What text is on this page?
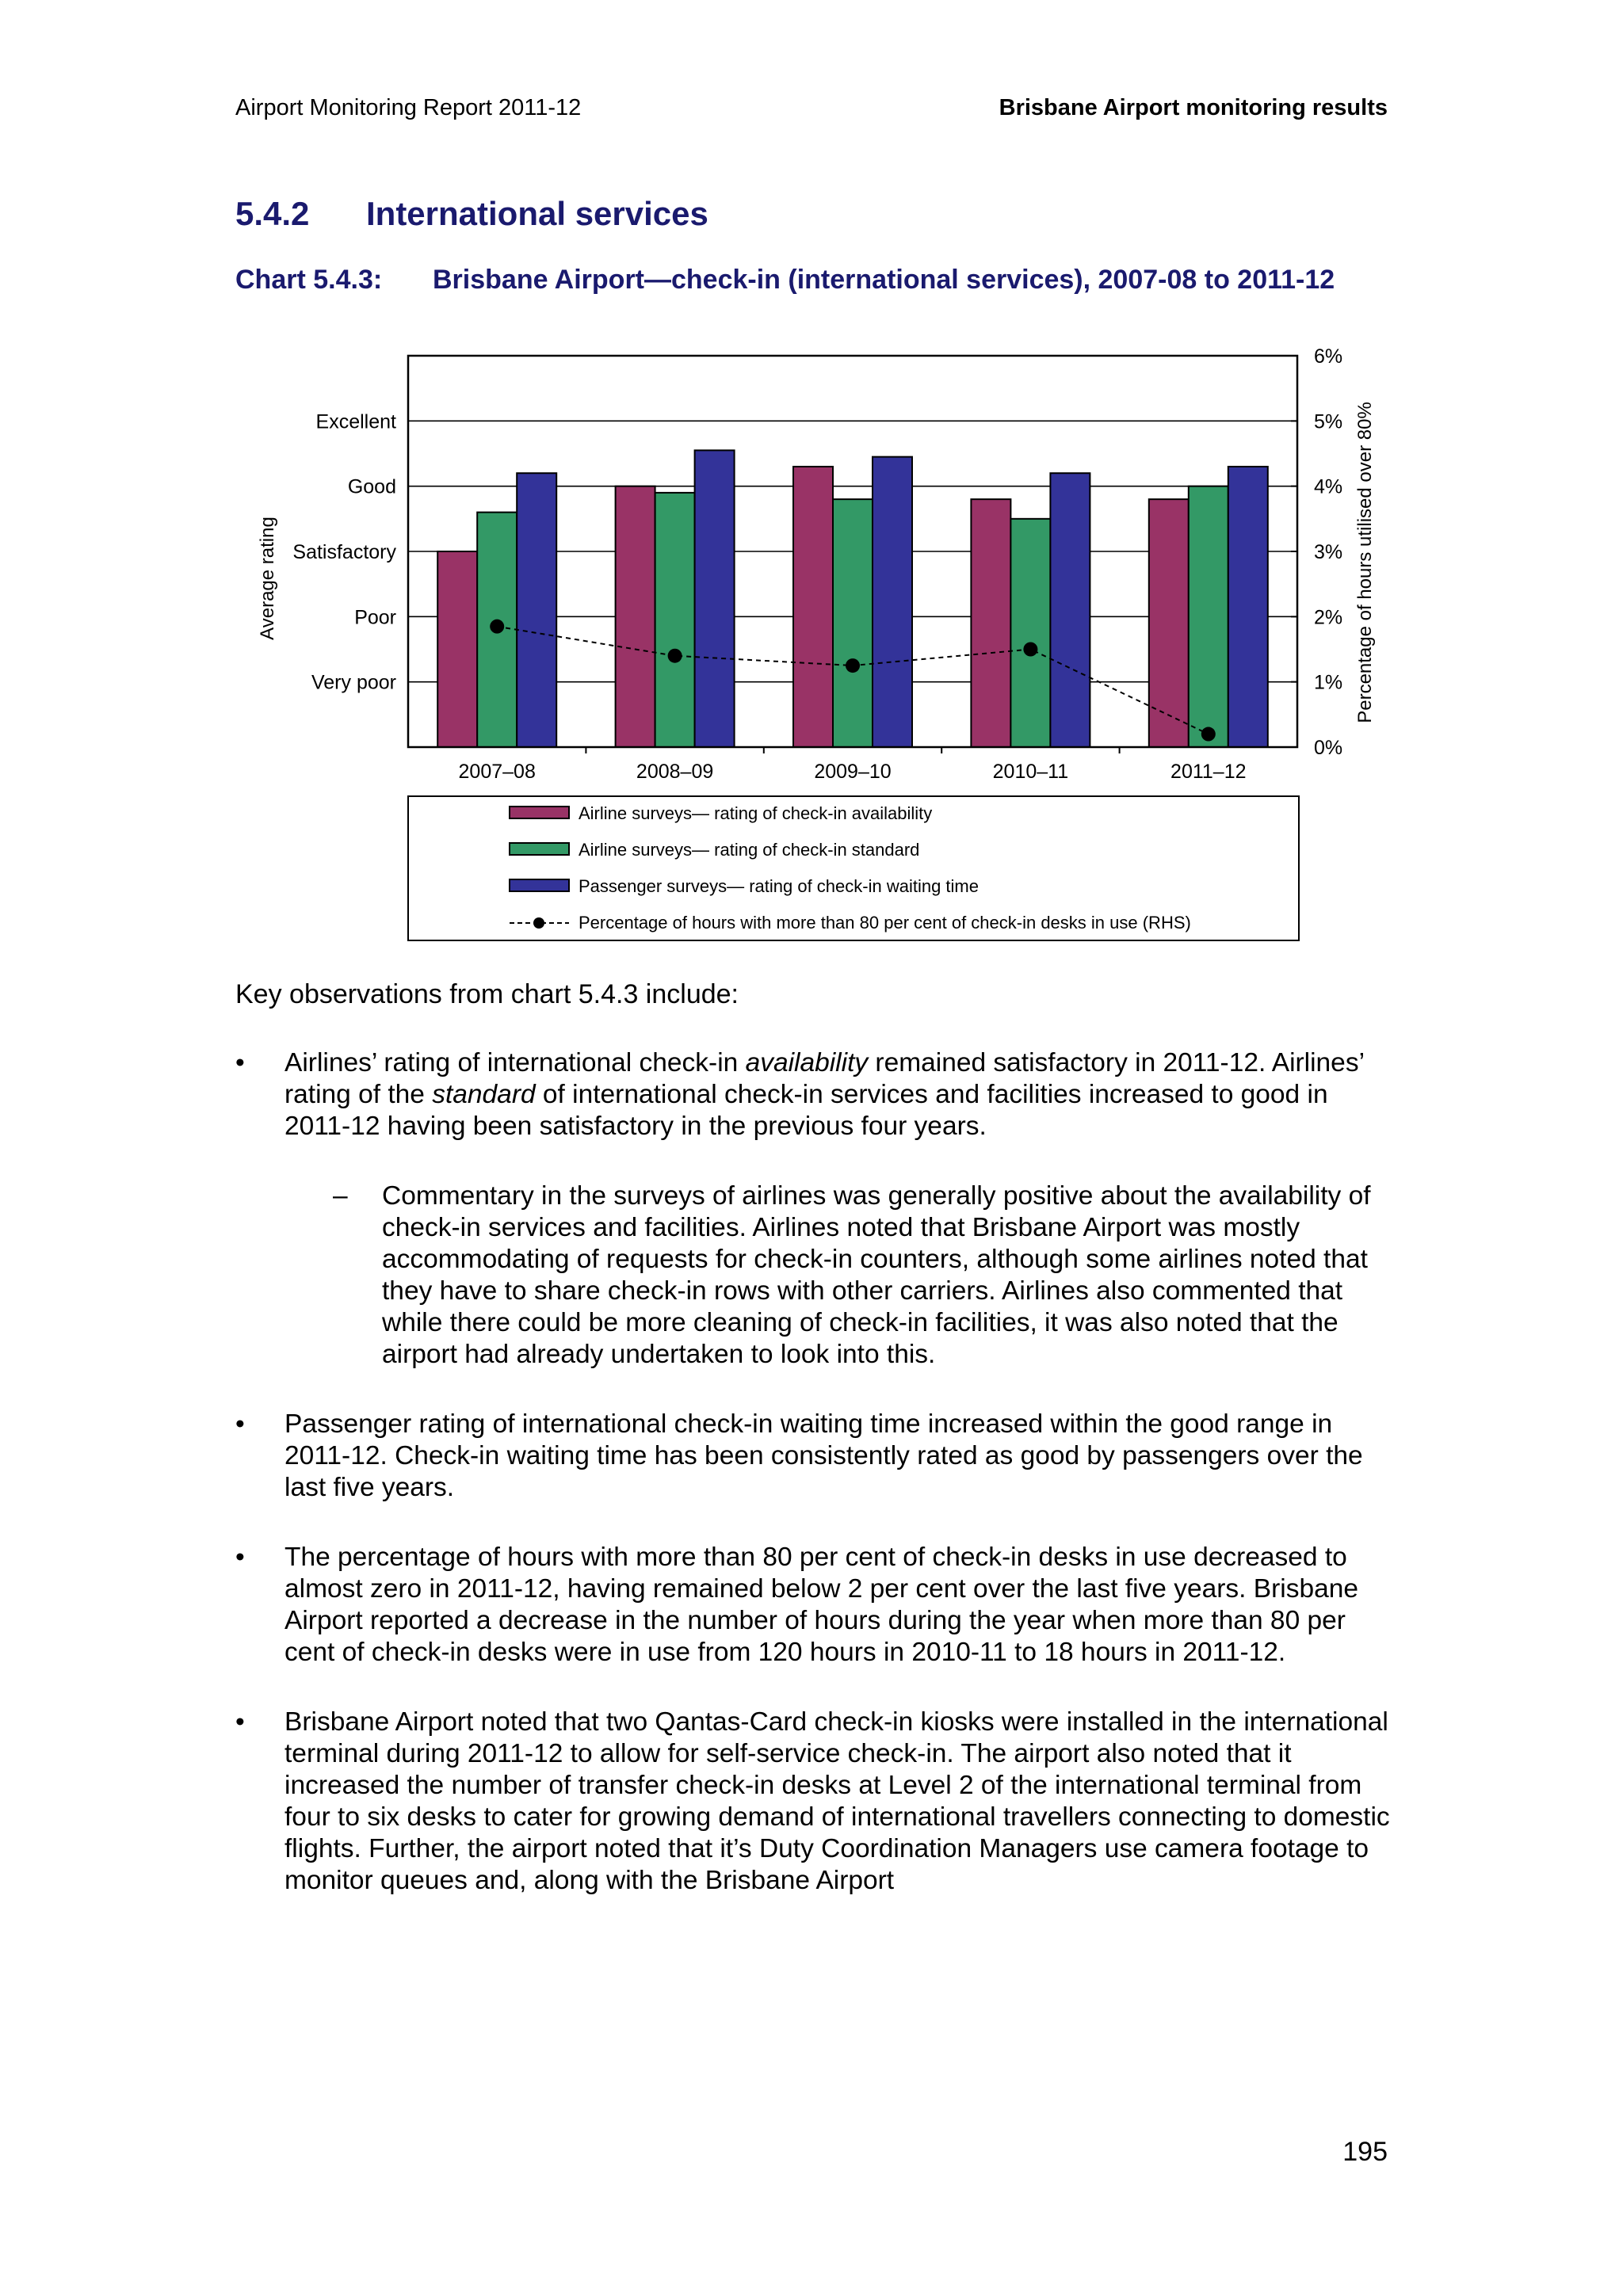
Airport Monitoring Report 2011-12	Brisbane Airport monitoring results
5.4.2 International services
Chart 5.4.3: Brisbane Airport—check-in (international services), 2007-08 to 2011-12
Very poor
Poor
Satisfactory
Good
Excellent
0%
1%
2%
3%
4%
5%
6%
2007–08	2008–09	2009–10	2010–11	2011–12
Average rating	Percentage of hours utilised over 80%
Airline surveys— rating of check-in availability
Airline surveys— rating of check-in standard
Passenger surveys— rating of check-in waiting time
Percentage of hours with more than 80 per cent of check-in desks in use (RHS)
Key observations from chart 5.4.3 include:
• Airlines’ rating of international check-in availability remained satisfactory in 2011-12. Airlines’ rating of the standard of international check-in services and facilities increased to good in 2011-12 having been satisfactory in the previous four years.
– Commentary in the surveys of airlines was generally positive about the availability of check-in services and facilities. Airlines noted that Brisbane Airport was mostly accommodating of requests for check-in counters, although some airlines noted that they have to share check-in rows with other carriers. Airlines also commented that while there could be more cleaning of check-in facilities, it was also noted that the airport had already undertaken to look into this.
• Passenger rating of international check-in waiting time increased within the good range in 2011-12. Check-in waiting time has been consistently rated as good by passengers over the last five years.
• The percentage of hours with more than 80 per cent of check-in desks in use decreased to almost zero in 2011-12, having remained below 2 per cent over the last five years. Brisbane Airport reported a decrease in the number of hours during the year when more than 80 per cent of check-in desks were in use from 120 hours in 2010-11 to 18 hours in 2011-12.
• Brisbane Airport noted that two Qantas-Card check-in kiosks were installed in the international terminal during 2011-12 to allow for self-service check-in. The airport also noted that it increased the number of transfer check-in desks at Level 2 of the international terminal from four to six desks to cater for growing demand of international travellers connecting to domestic flights. Further, the airport noted that it’s Duty Coordination Managers use camera footage to monitor queues and, along with the Brisbane Airport
195
